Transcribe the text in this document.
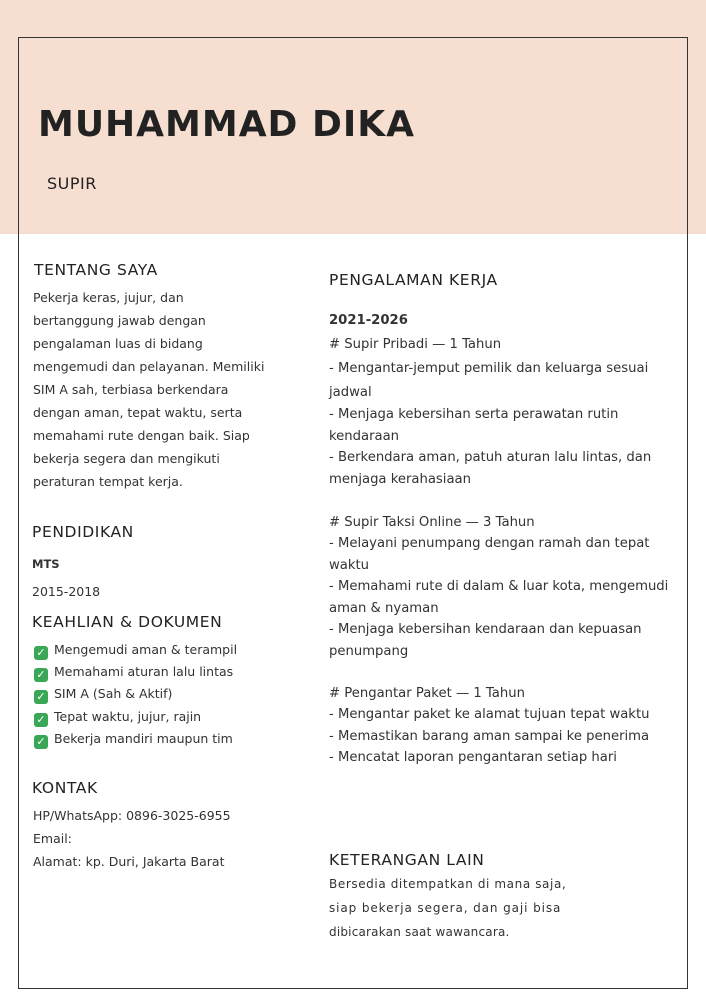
MUHAMMAD DIKA
SUPIR
TENTANG SAYA
Pekerja keras, jujur, dan
bertanggung jawab dengan
pengalaman luas di bidang
mengemudi dan pelayanan. Memiliki
SIM A sah, terbiasa berkendara
dengan aman, tepat waktu, serta
memahami rute dengan baik. Siap
bekerja segera dan mengikuti
peraturan tempat kerja.
PENDIDIKAN
MTS
2015-2018
KEAHLIAN & DOKUMEN
✓ Mengemudi aman & terampil
✓ Memahami aturan lalu lintas
✓ SIM A (Sah & Aktif)
✓ Tepat waktu, jujur, rajin
✓ Bekerja mandiri maupun tim
KONTAK
HP/WhatsApp: 0896-3025-6955
Email:
Alamat: kp. Duri, Jakarta Barat
PENGALAMAN KERJA
2021-2026
# Supir Pribadi — 1 Tahun
- Mengantar-jemput pemilik dan keluarga sesuai
jadwal
- Menjaga kebersihan serta perawatan rutin
kendaraan
- Berkendara aman, patuh aturan lalu lintas, dan
menjaga kerahasiaan
# Supir Taksi Online — 3 Tahun
- Melayani penumpang dengan ramah dan tepat
waktu
- Memahami rute di dalam & luar kota, mengemudi
aman & nyaman
- Menjaga kebersihan kendaraan dan kepuasan
penumpang
# Pengantar Paket — 1 Tahun
- Mengantar paket ke alamat tujuan tepat waktu
- Memastikan barang aman sampai ke penerima
- Mencatat laporan pengantaran setiap hari
KETERANGAN LAIN
Bersedia ditempatkan di mana saja,
siap bekerja segera, dan gaji bisa
dibicarakan saat wawancara.
